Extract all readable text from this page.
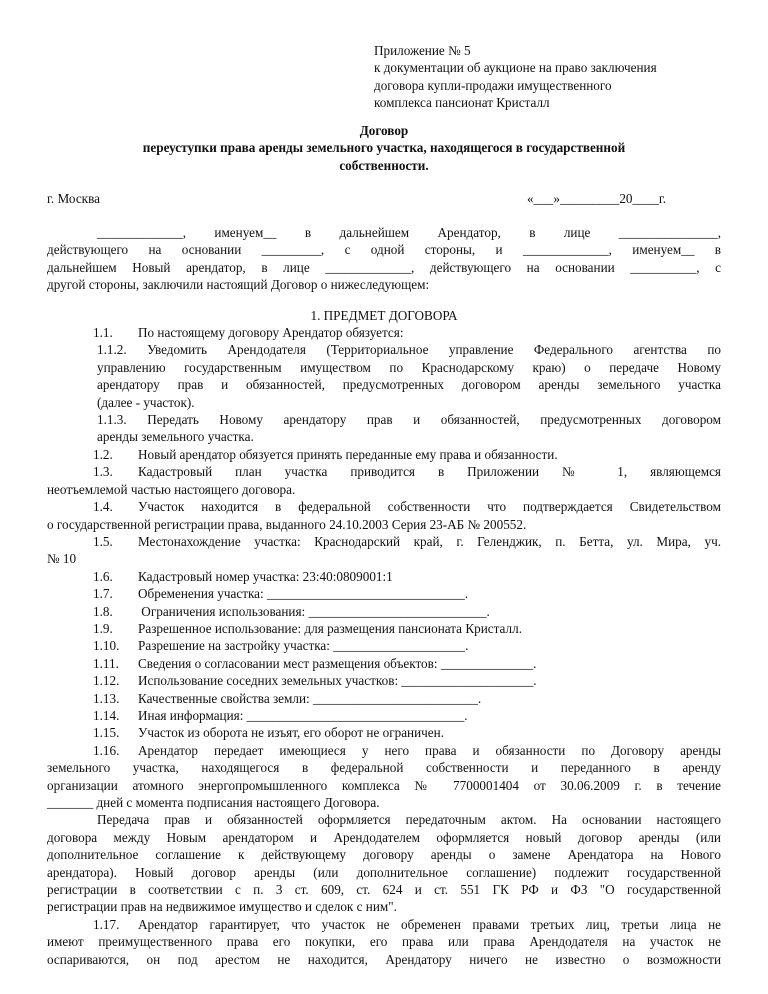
Приложение № 5
к документации об аукционе на право заключения
договора купли-продажи имущественного
комплекса пансионат Кристалл
Договор
переуступки права аренды земельного участка, находящегося в государственной
собственности.
г. Москва	«___»_________20____г.
_____________, именуем__ в дальнейшем Арендатор, в лице _______________,
действующего на основании _________, с одной стороны, и _____________, именуем__ в
дальнейшем Новый арендатор, в лице _____________, действующего на основании __________, с
другой стороны, заключили настоящий Договор о нижеследующем:
1. ПРЕДМЕТ ДОГОВОРА
1.1. По настоящему договору Арендатор обязуется:
1.1.2. Уведомить Арендодателя (Территориальное управление Федерального агентства по
управлению государственным имуществом по Краснодарскому краю) о передаче Новому
арендатору прав и обязанностей, предусмотренных договором аренды земельного участка
(далее - участок).
1.1.3. Передать Новому арендатору прав и обязанностей, предусмотренных договором
аренды земельного участка.
1.2. Новый арендатор обязуется принять переданные ему права и обязанности.
1.3. Кадастровый план участка приводится в Приложении № 1, являющемся
неотъемлемой частью настоящего договора.
1.4. Участок находится в федеральной собственности что подтверждается Свидетельством
о государственной регистрации права, выданного 24.10.2003 Серия 23-АБ № 200552.
1.5. Местонахождение участка: Краснодарский край, г. Геленджик, п. Бетта, ул. Мира, уч.
№ 10
1.6. Кадастровый номер участка: 23:40:0809001:1
1.7. Обременения участка: ______________________________.
1.8. Ограничения использования: ___________________________.
1.9. Разрешенное использование: для размещения пансионата Кристалл.
1.10. Разрешение на застройку участка: ____________________.
1.11. Сведения о согласовании мест размещения объектов: ______________.
1.12. Использование соседних земельных участков: ____________________.
1.13. Качественные свойства земли: _________________________.
1.14. Иная информация: _________________________________.
1.15. Участок из оборота не изъят, его оборот не ограничен.
1.16. Арендатор передает имеющиеся у него права и обязанности по Договору аренды
земельного участка, находящегося в федеральной собственности и переданного в аренду
организации атомного энергопромышленного комплекса № 7700001404 от 30.06.2009 г. в течение
_______ дней с момента подписания настоящего Договора.
Передача прав и обязанностей оформляется передаточным актом. На основании настоящего
договора между Новым арендатором и Арендодателем оформляется новый договор аренды (или
дополнительное соглашение к действующему договору аренды о замене Арендатора на Нового
арендатора). Новый договор аренды (или дополнительное соглашение) подлежит государственной
регистрации в соответствии с п. 3 ст. 609, ст. 624 и ст. 551 ГК РФ и ФЗ "О государственной
регистрации прав на недвижимое имущество и сделок с ним".
1.17. Арендатор гарантирует, что участок не обременен правами третьих лиц, третьи лица не
имеют преимущественного права его покупки, его права или права Арендодателя на участок не
оспариваются, он под арестом не находится, Арендатору ничего не известно о возможности
